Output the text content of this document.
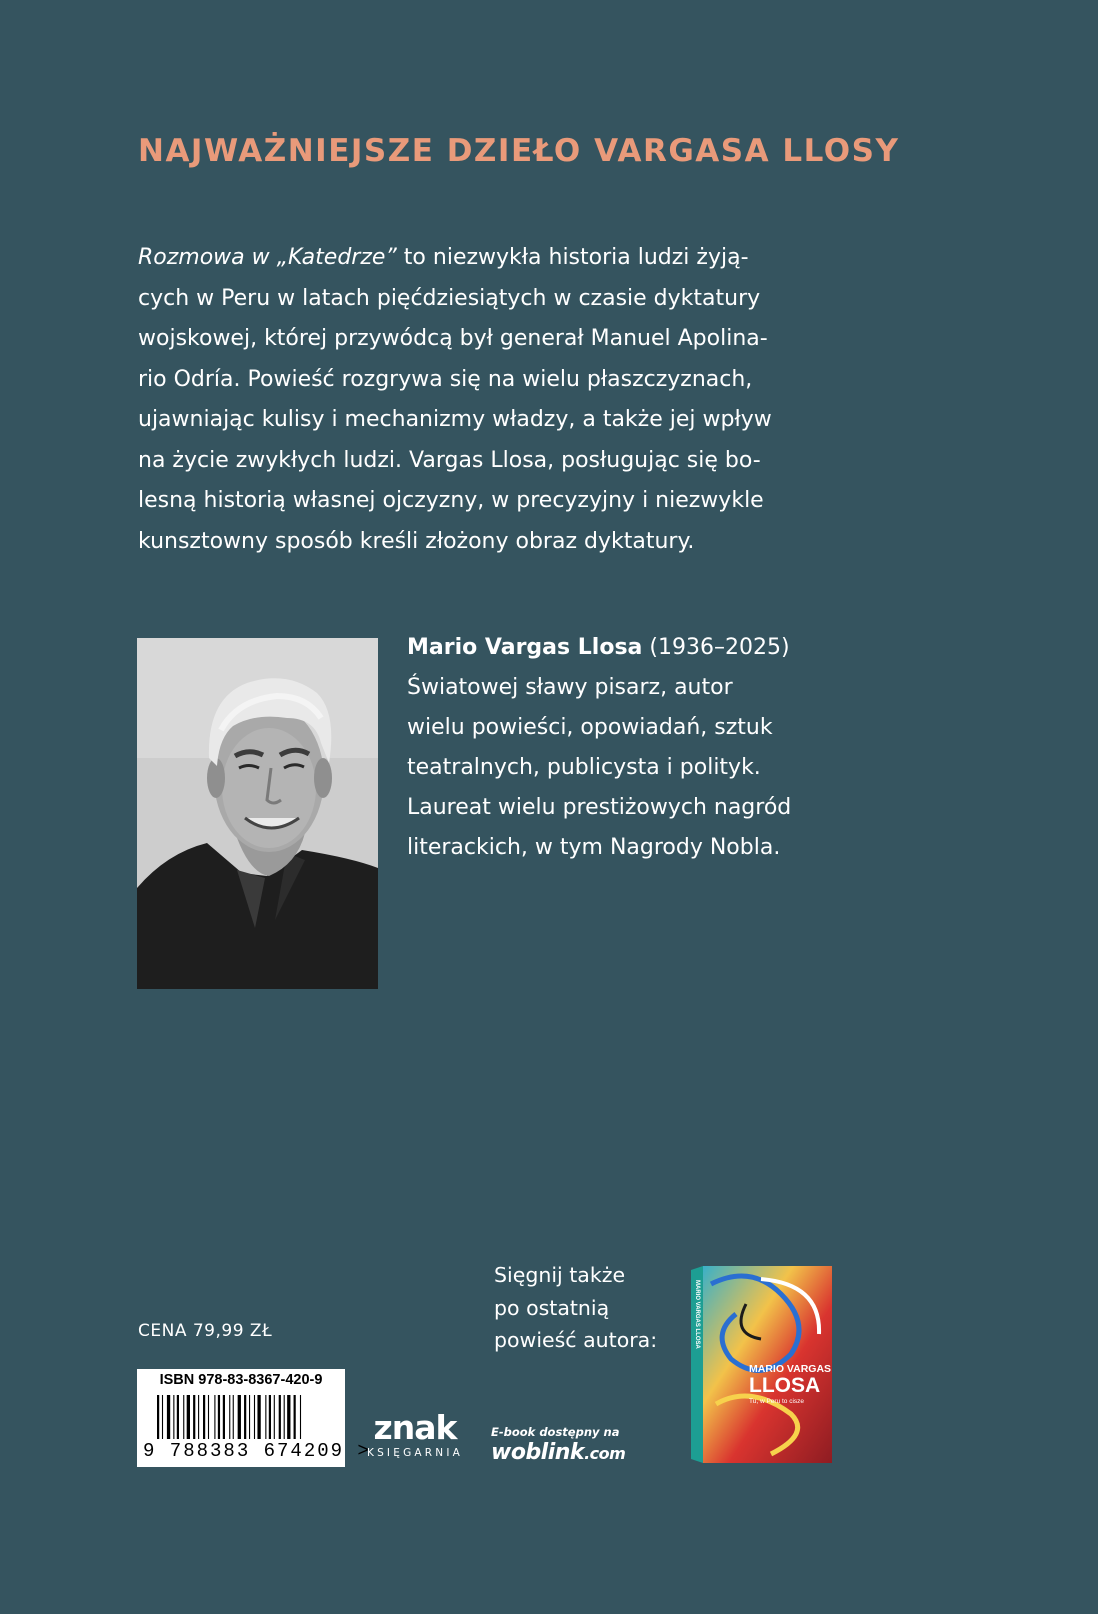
NAJWAŻNIEJSZE DZIEŁO VARGASA LLOSY
Rozmowa w „Katedrze” to niezwykła historia ludzi żyją-
cych w Peru w latach pięćdziesiątych w czasie dyktatury
wojskowej, której przywódcą był generał Manuel Apolina-
rio Odría. Powieść rozgrywa się na wielu płaszczyznach,
ujawniając kulisy i mechanizmy władzy, a także jej wpływ
na życie zwykłych ludzi. Vargas Llosa, posługując się bo-
lesną historią własnej ojczyzny, w precyzyjny i niezwykle
kunsztowny sposób kreśli złożony obraz dyktatury.
Mario Vargas Llosa (1936–2025)
Światowej sławy pisarz, autor
wielu powieści, opowiadań, sztuk
teatralnych, publicysta i polityk.
Laureat wielu prestiżowych nagród
literackich, w tym Nagrody Nobla.
CENA 79,99 ZŁ
ISBN 978-83-8367-420-9
9 788383 674209 >
znak
KSIĘGARNIA
E-book dostępny na
woblink.com
Sięgnij także
po ostatnią
powieść autora:
MARIO VARGAS
LLOSA
Tu, w Peru to cisze
MARIO VARGAS LLOSA
